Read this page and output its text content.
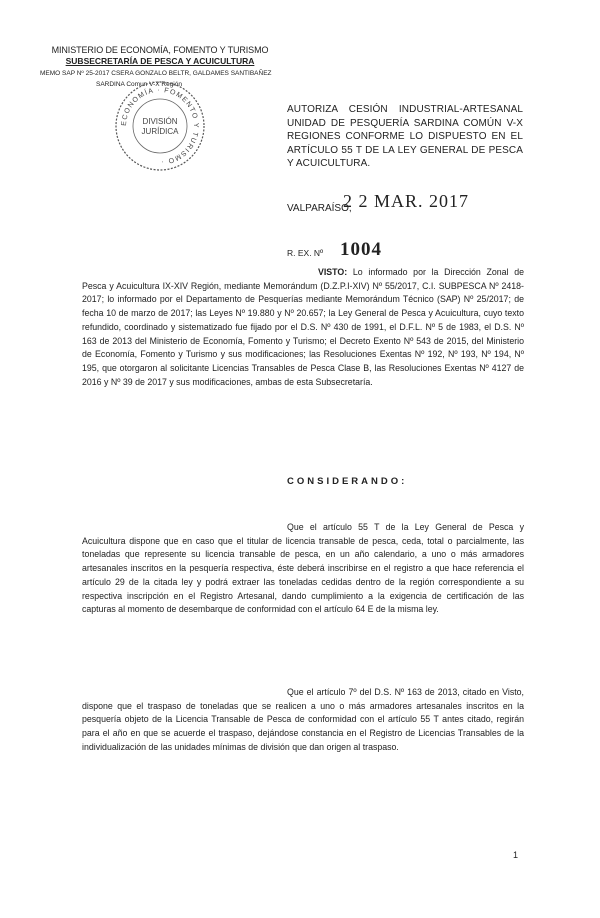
MINISTERIO DE ECONOMÍA, FOMENTO Y TURISMO
SUBSECRETARÍA DE PESCA Y ACUICULTURA
MEMO SAP Nº 25-2017 CSERA GONZALO BELTR, GALDAMES SANTIBAÑEZ
SARDINA Comun V-X Región
ECONOMÍA · FOMENTO Y TURISMO ·
DIVISIÓN
JURÍDICA
AUTORIZA CESIÓN INDUSTRIAL-ARTESANAL UNIDAD DE PESQUERÍA SARDINA COMÚN V-X REGIONES CONFORME LO DISPUESTO EN EL ARTÍCULO 55 T DE LA LEY GENERAL DE PESCA Y ACUICULTURA.
VALPARAÍSO,
2 2 MAR. 2017
R. EX. Nº 1004
VISTO: Lo informado por la Dirección Zonal de Pesca y Acuicultura IX-XIV Región, mediante Memorándum (D.Z.P.I-XIV) Nº 55/2017, C.I. SUBPESCA Nº 2418-2017; lo informado por el Departamento de Pesquerías mediante Memorándum Técnico (SAP) Nº 25/2017; de fecha 10 de marzo de 2017; las Leyes Nº 19.880 y Nº 20.657; la Ley General de Pesca y Acuicultura, cuyo texto refundido, coordinado y sistematizado fue fijado por el D.S. Nº 430 de 1991, el D.F.L. Nº 5 de 1983, el D.S. Nº 163 de 2013 del Ministerio de Economía, Fomento y Turismo; el Decreto Exento Nº 543 de 2015, del Ministerio de Economía, Fomento y Turismo y sus modificaciones; las Resoluciones Exentas Nº 192, Nº 193, Nº 194, Nº 195, que otorgaron al solicitante Licencias Transables de Pesca Clase B, las Resoluciones Exentas Nº 4127 de 2016 y Nº 39 de 2017 y sus modificaciones, ambas de esta Subsecretaría.
CONSIDERANDO:
Que el artículo 55 T de la Ley General de Pesca y Acuicultura dispone que en caso que el titular de licencia transable de pesca, ceda, total o parcialmente, las toneladas que represente su licencia transable de pesca, en un año calendario, a uno o más armadores artesanales inscritos en la pesquería respectiva, éste deberá inscribirse en el registro a que hace referencia el artículo 29 de la citada ley y podrá extraer las toneladas cedidas dentro de la región correspondiente a su respectiva inscripción en el Registro Artesanal, dando cumplimiento a la exigencia de certificación de las capturas al momento de desembarque de conformidad con el artículo 64 E de la misma ley.
Que el artículo 7º del D.S. Nº 163 de 2013, citado en Visto, dispone que el traspaso de toneladas que se realicen a uno o más armadores artesanales inscritos en la pesquería objeto de la Licencia Transable de Pesca de conformidad con el artículo 55 T antes citado, regirán para el año en que se acuerde el traspaso, dejándose constancia en el Registro de Licencias Transables de la individualización de las unidades mínimas de división que dan origen al traspaso.
1
